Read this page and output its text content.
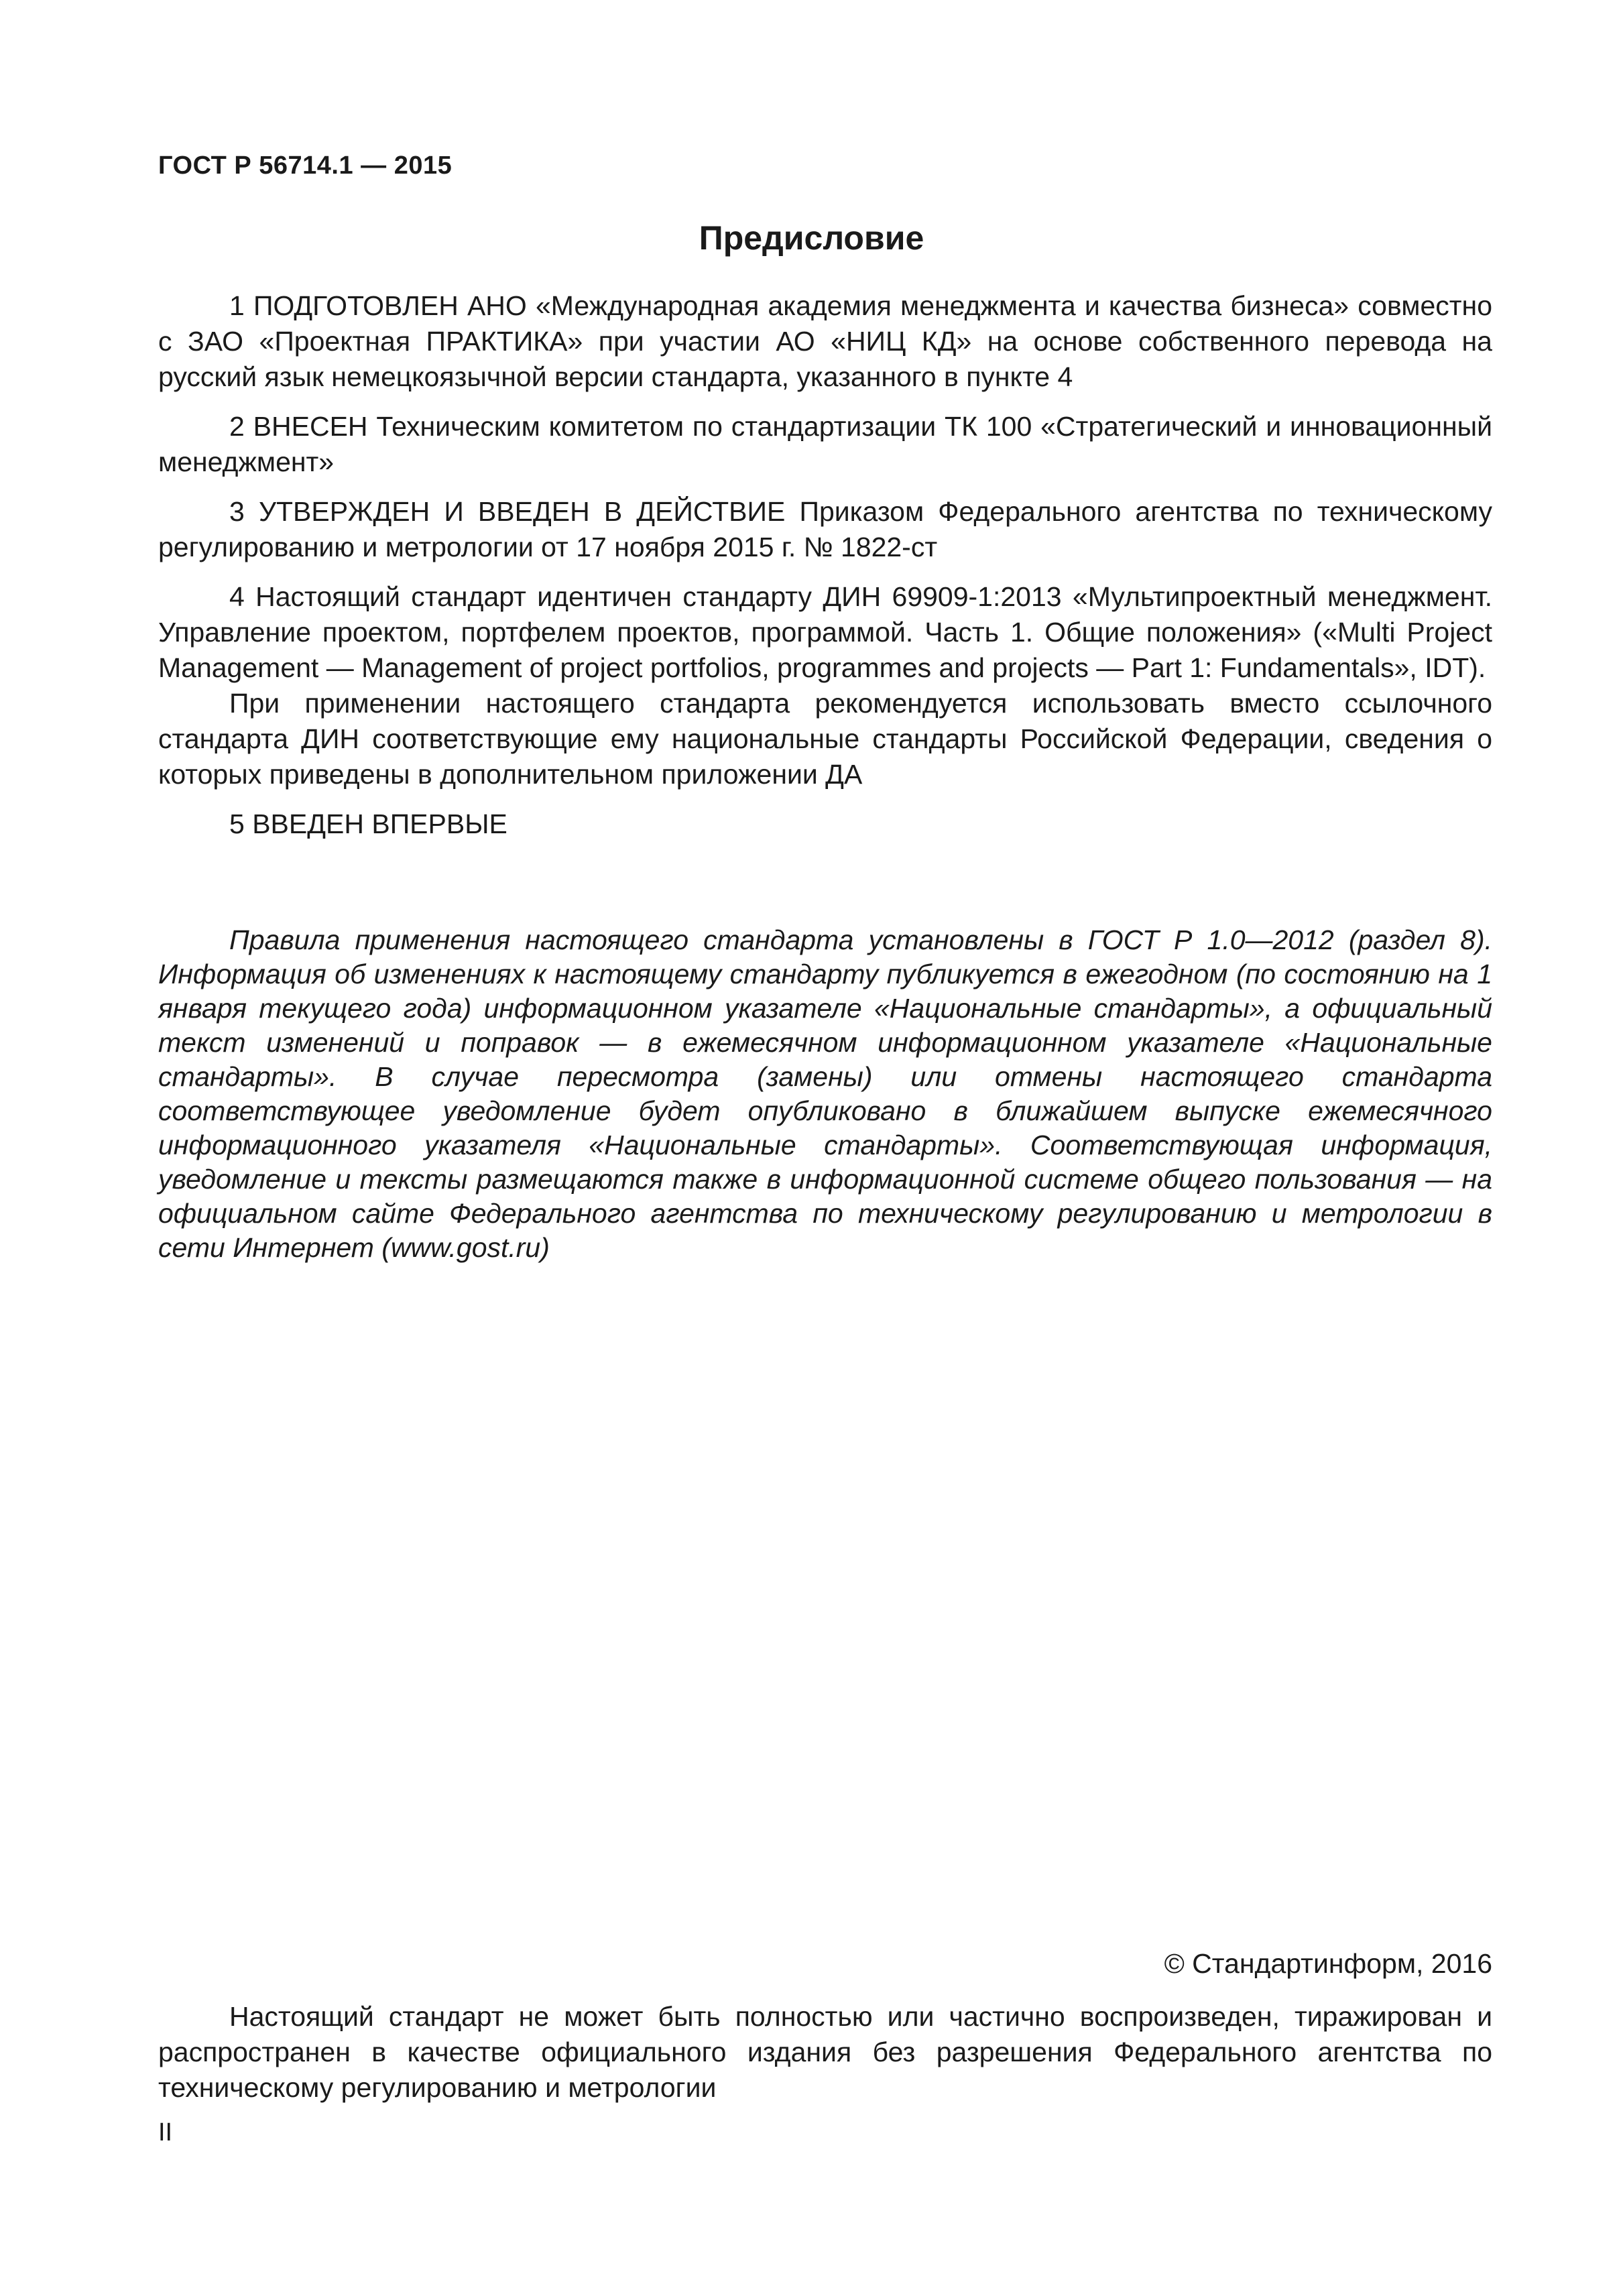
ГОСТ Р 56714.1 — 2015
Предисловие

1 ПОДГОТОВЛЕН АНО «Международная академия менеджмента и качества бизнеса» совместно с ЗАО «Проектная ПРАКТИКА» при участии АО «НИЦ КД» на основе собственного перевода на русский язык немецкоязычной версии стандарта, указанного в пункте 4

2 ВНЕСЕН Техническим комитетом по стандартизации ТК 100 «Стратегический и инновационный менеджмент»

3 УТВЕРЖДЕН И ВВЕДЕН В ДЕЙСТВИЕ Приказом Федерального агентства по техническому регулированию и метрологии от 17 ноября 2015 г. № 1822-ст

4 Настоящий стандарт идентичен стандарту ДИН 69909-1:2013 «Мультипроектный менеджмент. Управление проектом, портфелем проектов, программой. Часть 1. Общие положения» («Multi Project Management — Management of project portfolios, programmes and projects — Part 1: Fundamentals», IDT).

При применении настоящего стандарта рекомендуется использовать вместо ссылочного стандарта ДИН соответствующие ему национальные стандарты Российской Федерации, сведения о которых приведены в дополнительном приложении ДА

5 ВВЕДЕН ВПЕРВЫЕ

Правила применения настоящего стандарта установлены в ГОСТ Р 1.0—2012 (раздел 8). Информация об изменениях к настоящему стандарту публикуется в ежегодном (по состоянию на 1 января текущего года) информационном указателе «Национальные стандарты», а официальный текст изменений и поправок — в ежемесячном информационном указателе «Национальные стандарты». В случае пересмотра (замены) или отмены настоящего стандарта соответствующее уведомление будет опубликовано в ближайшем выпуске ежемесячного информационного указателя «Национальные стандарты». Соответствующая информация, уведомление и тексты размещаются также в информационной системе общего пользования — на официальном сайте Федерального агентства по техническому регулированию и метрологии в сети Интернет (www.gost.ru)

© Стандартинформ, 2016

Настоящий стандарт не может быть полностью или частично воспроизведен, тиражирован и распространен в качестве официального издания без разрешения Федерального агентства по техническому регулированию и метрологии

II
